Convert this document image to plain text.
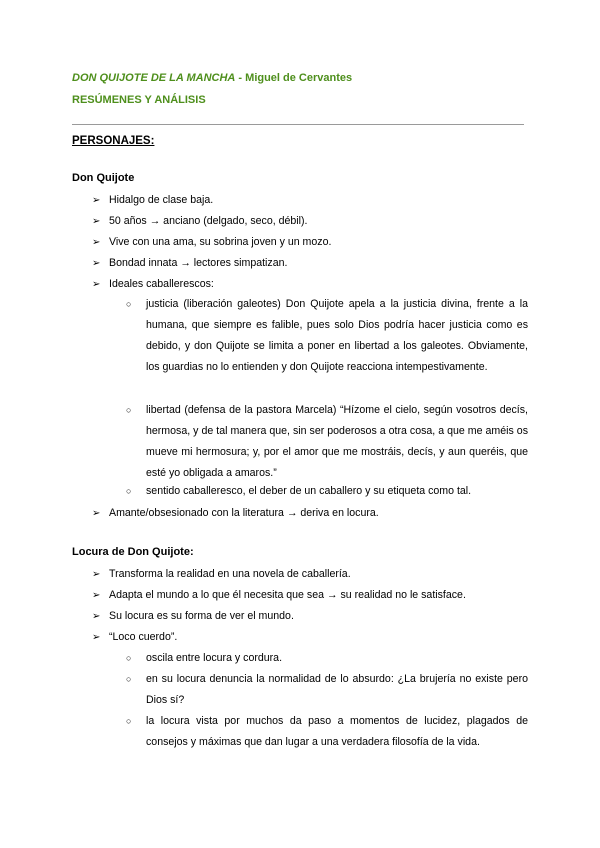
DON QUIJOTE DE LA MANCHA - Miguel de Cervantes
RESÚMENES Y ANÁLISIS
PERSONAJES:
Don Quijote
➢ Hidalgo de clase baja.
➢ 50 años → anciano (delgado, seco, débil).
➢ Vive con una ama, su sobrina joven y un mozo.
➢ Bondad innata → lectores simpatizan.
➢ Ideales caballerescos:
○ justicia (liberación galeotes) Don Quijote apela a la justicia divina, frente a la humana, que siempre es falible, pues solo Dios podría hacer justicia como es debido, y don Quijote se limita a poner en libertad a los galeotes. Obviamente, los guardias no lo entienden y don Quijote reacciona intempestivamente.
○ libertad (defensa de la pastora Marcela) “Hízome el cielo, según vosotros decís, hermosa, y de tal manera que, sin ser poderosos a otra cosa, a que me améis os mueve mi hermosura; y, por el amor que me mostráis, decís, y aun queréis, que esté yo obligada a amaros.”
○ sentido caballeresco, el deber de un caballero y su etiqueta como tal.
➢ Amante/obsesionado con la literatura → deriva en locura.
Locura de Don Quijote:
➢ Transforma la realidad en una novela de caballería.
➢ Adapta el mundo a lo que él necesita que sea → su realidad no le satisface.
➢ Su locura es su forma de ver el mundo.
➢ “Loco cuerdo”.
○ oscila entre locura y cordura.
○ en su locura denuncia la normalidad de lo absurdo: ¿La brujería no existe pero Dios sí?
○ la locura vista por muchos da paso a momentos de lucidez, plagados de consejos y máximas que dan lugar a una verdadera filosofía de la vida.
